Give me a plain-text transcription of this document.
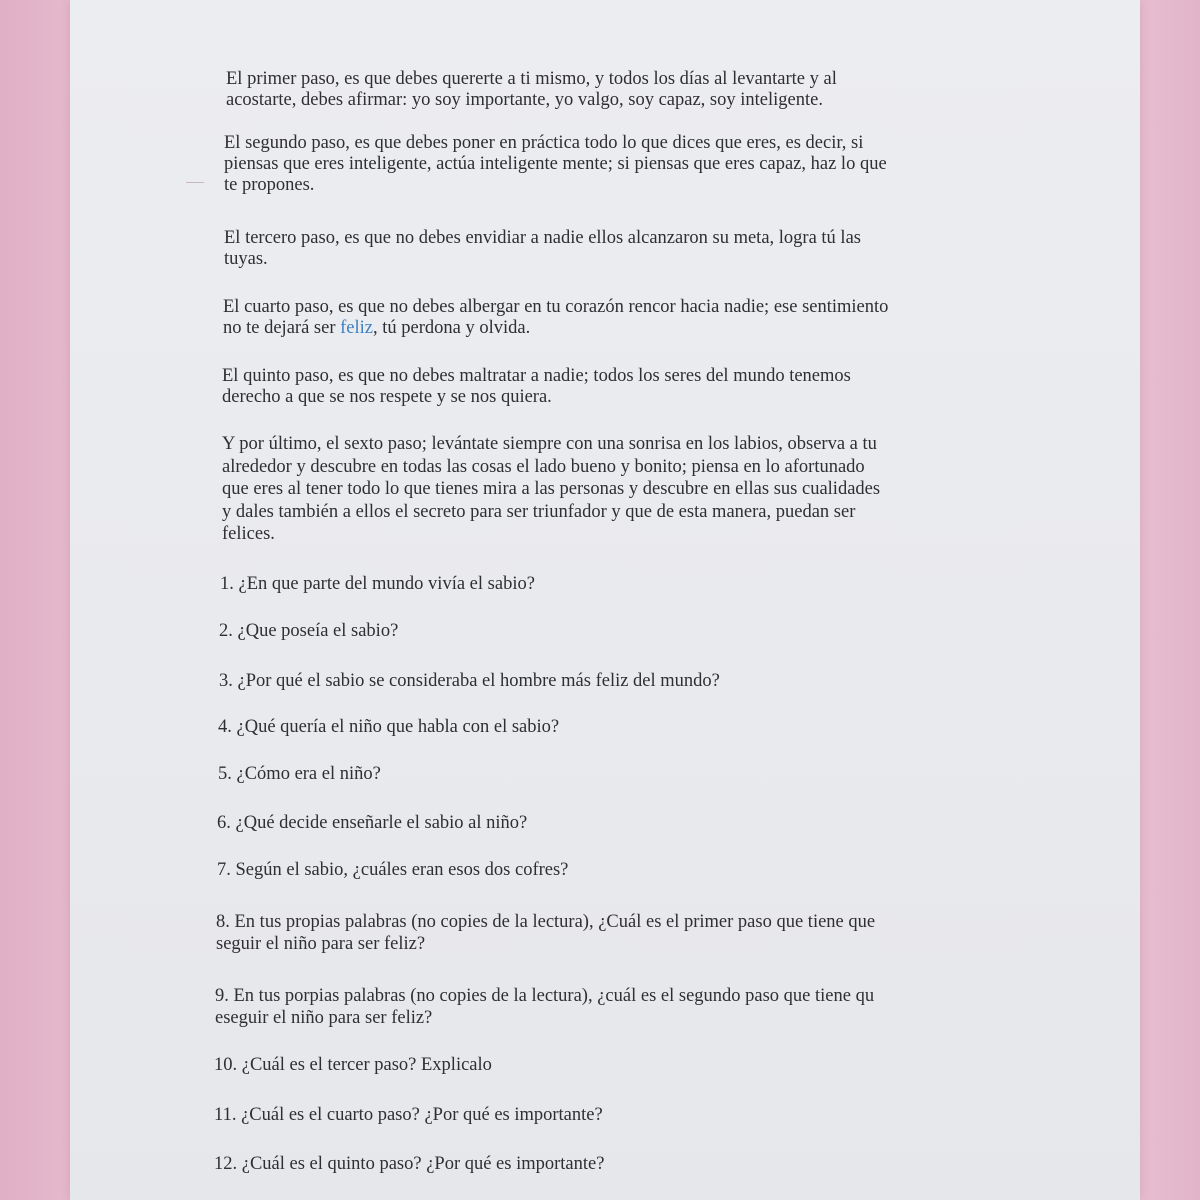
El primer paso, es que debes quererte a ti mismo, y todos los días al levantarte y al
acostarte, debes afirmar: yo soy importante, yo valgo, soy capaz, soy inteligente.

El segundo paso, es que debes poner en práctica todo lo que dices que eres, es decir, si
piensas que eres inteligente, actúa inteligente mente; si piensas que eres capaz, haz lo que
te propones.

El tercero paso, es que no debes envidiar a nadie ellos alcanzaron su meta, logra tú las
tuyas.

El cuarto paso, es que no debes albergar en tu corazón rencor hacia nadie; ese sentimiento
no te dejará ser feliz, tú perdona y olvida.

El quinto paso, es que no debes maltratar a nadie; todos los seres del mundo tenemos
derecho a que se nos respete y se nos quiera.

Y por último, el sexto paso; levántate siempre con una sonrisa en los labios, observa a tu
alrededor y descubre en todas las cosas el lado bueno y bonito; piensa en lo afortunado
que eres al tener todo lo que tienes mira a las personas y descubre en ellas sus cualidades
y dales también a ellos el secreto para ser triunfador y que de esta manera, puedan ser
felices.

1. ¿En que parte del mundo vivía el sabio?

2. ¿Que poseía el sabio?

3. ¿Por qué el sabio se consideraba el hombre más feliz del mundo?

4. ¿Qué quería el niño que habla con el sabio?

5. ¿Cómo era el niño?

6. ¿Qué decide enseñarle el sabio al niño?

7. Según el sabio, ¿cuáles eran esos dos cofres?

8. En tus propias palabras (no copies de la lectura), ¿Cuál es el primer paso que tiene que
seguir el niño para ser feliz?

9. En tus porpias palabras (no copies de la lectura), ¿cuál es el segundo paso que tiene qu
eseguir el niño para ser feliz?

10. ¿Cuál es el tercer paso? Explicalo

11. ¿Cuál es el cuarto paso? ¿Por qué es importante?

12. ¿Cuál es el quinto paso? ¿Por qué es importante?
